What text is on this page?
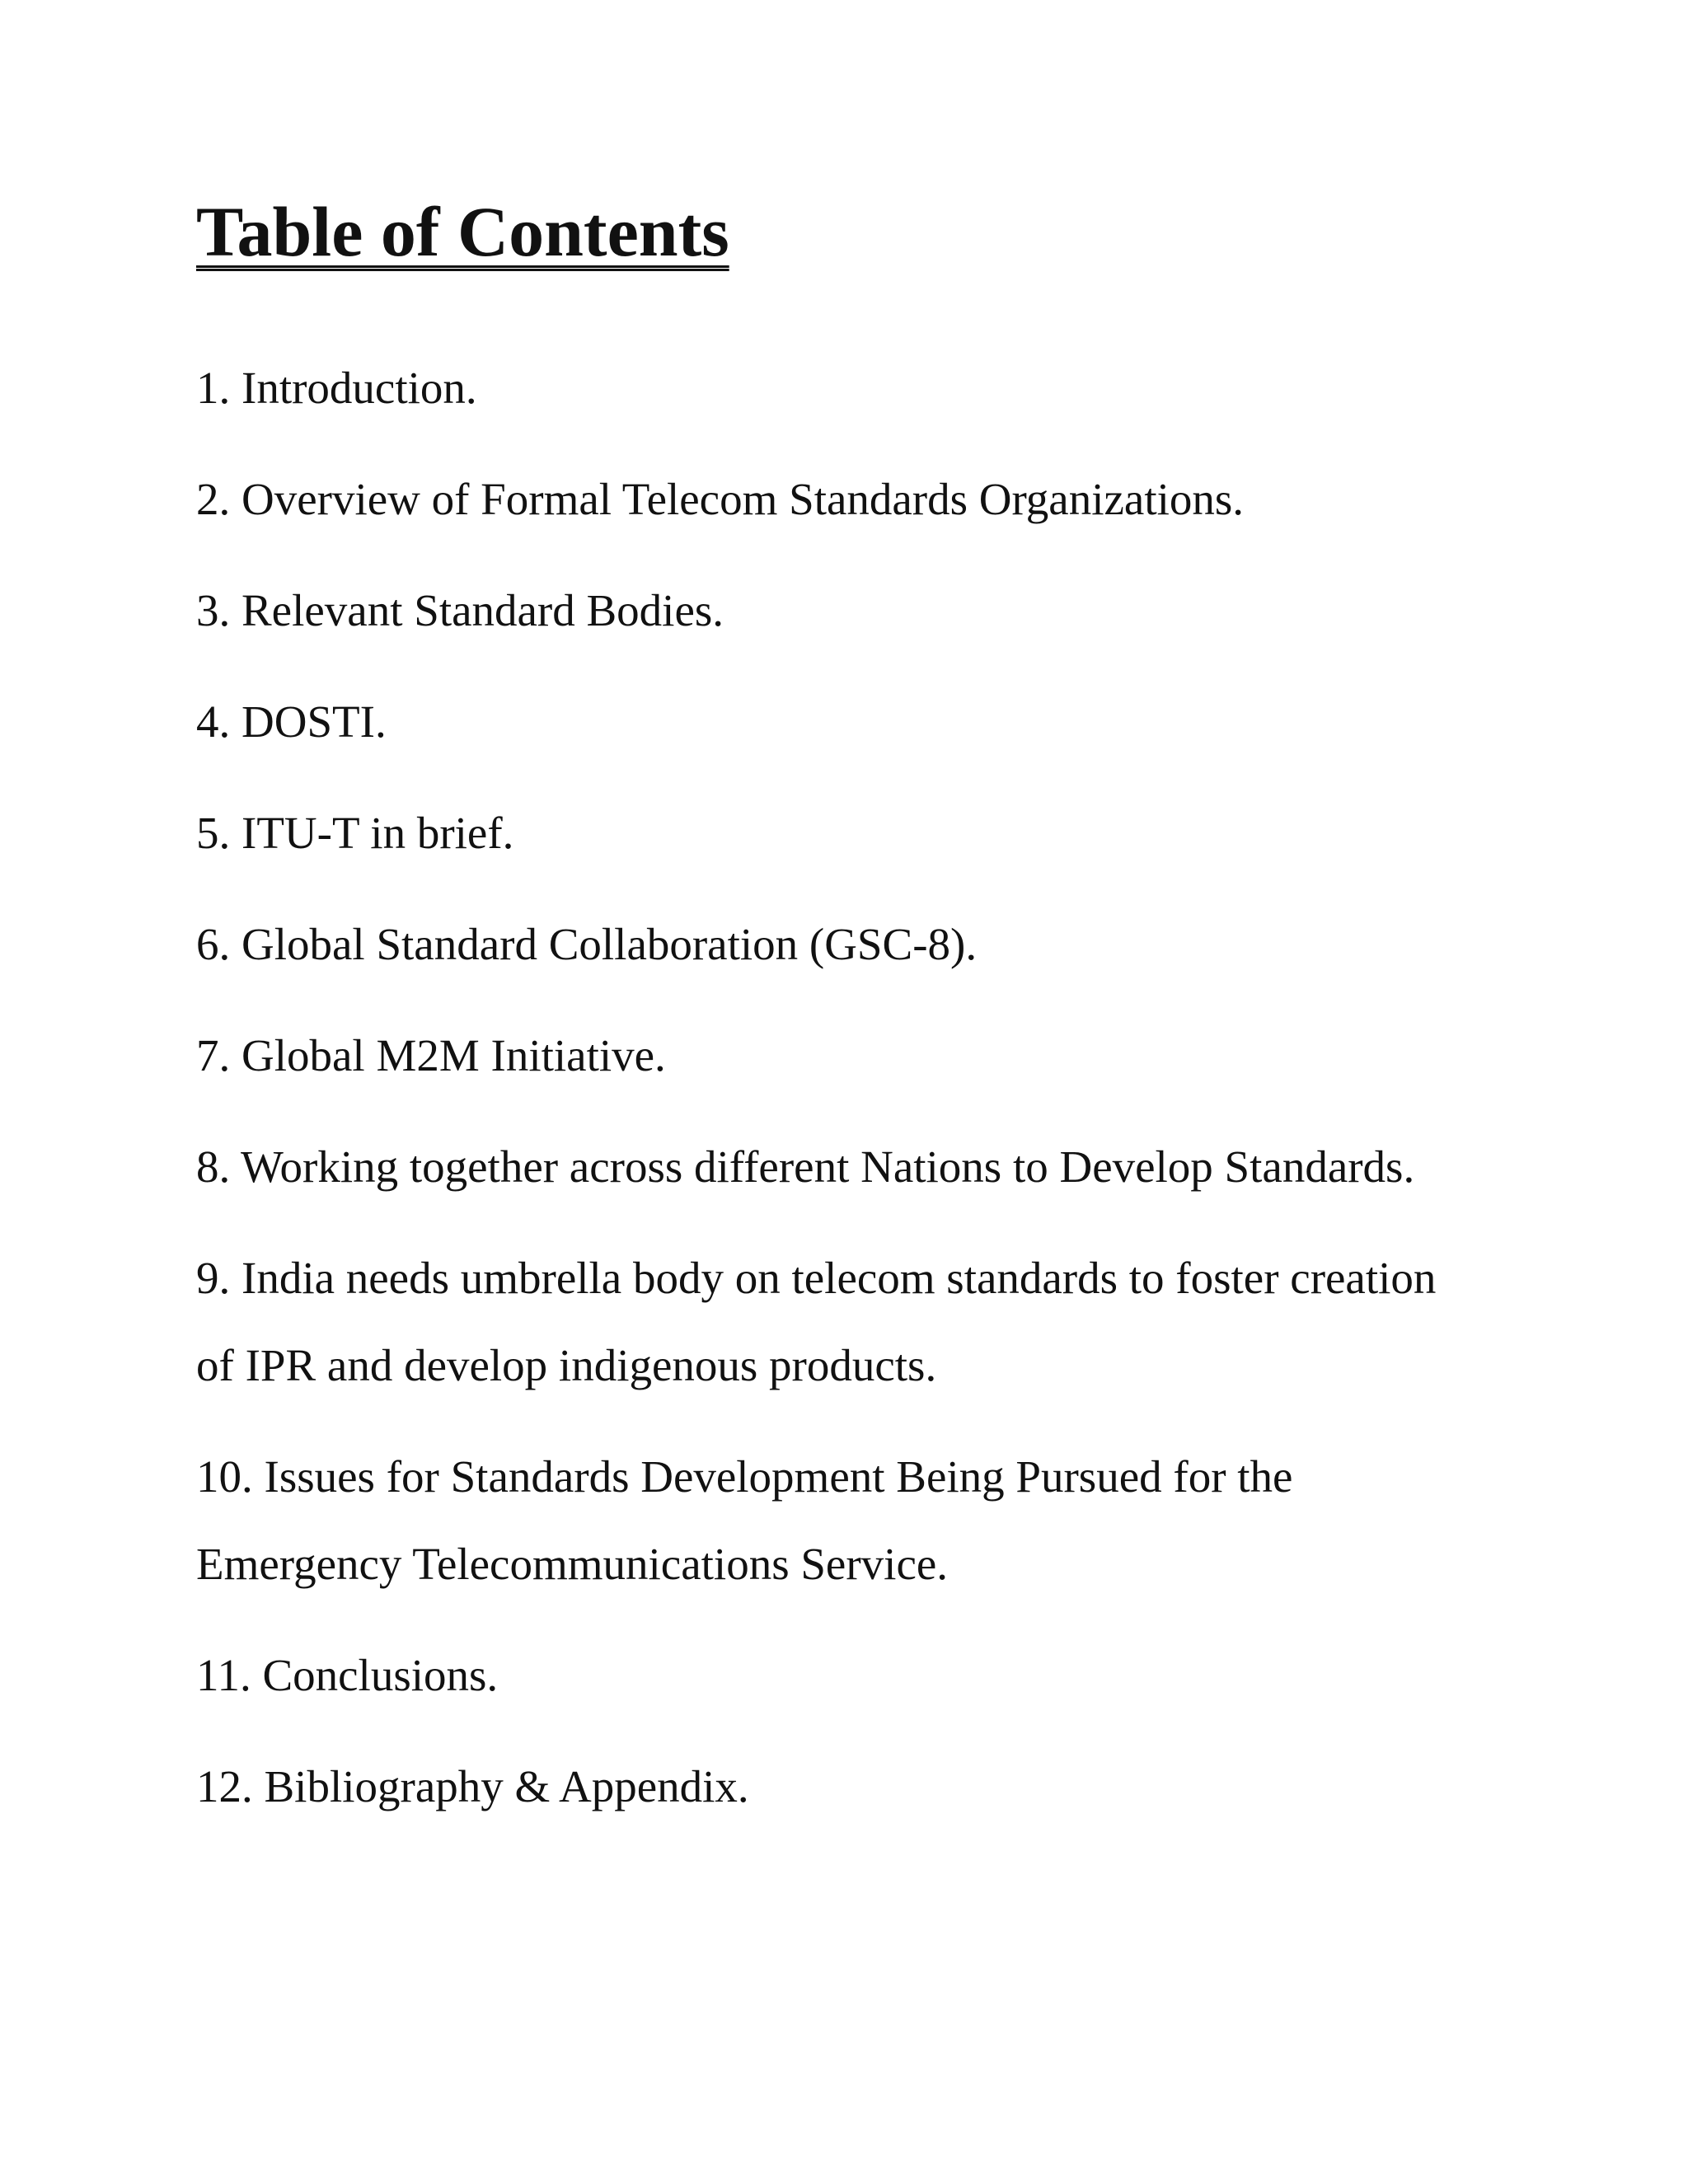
Table of Contents
1. Introduction.
2. Overview of Formal Telecom Standards Organizations.
3. Relevant Standard Bodies.
4. DOSTI.
5. ITU-T in brief.
6. Global Standard Collaboration (GSC-8).
7. Global M2M Initiative.
8. Working together across different Nations to Develop Standards.
9. India needs umbrella body on telecom standards to foster creation of IPR and develop indigenous products.
10. Issues for Standards Development Being Pursued for the Emergency Telecommunications Service.
11. Conclusions.
12. Bibliography & Appendix.
